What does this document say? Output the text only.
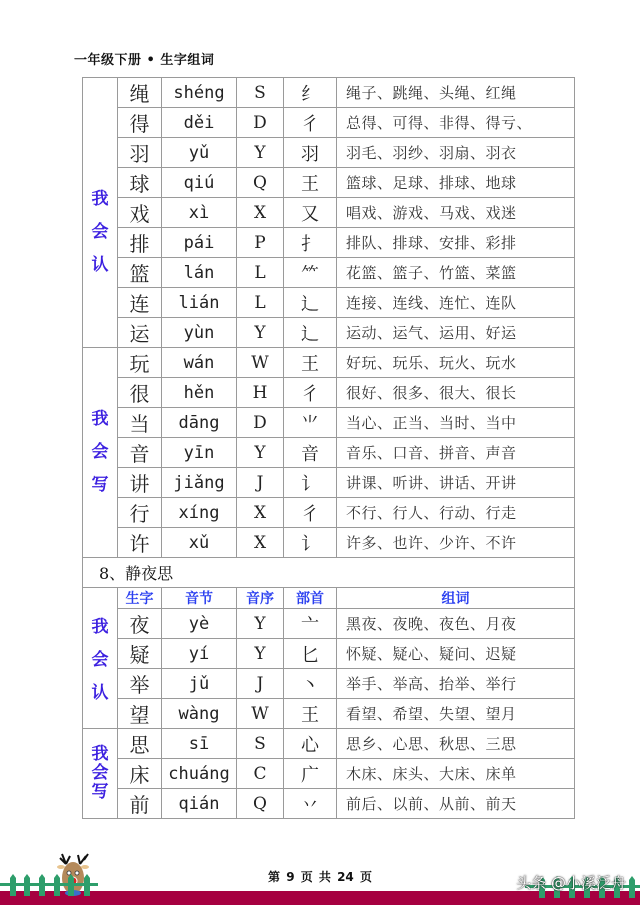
一年级下册 • 生字组词
我
会
认	绳	shéng	S	纟	绳子、跳绳、头绳、红绳
	得	děi	D	彳	总得、可得、非得、得亏、
	羽	yǔ	Y	羽	羽毛、羽纱、羽扇、羽衣
	球	qiú	Q	王	篮球、足球、排球、地球
	戏	xì	X	又	唱戏、游戏、马戏、戏迷
	排	pái	P	扌	排队、排球、安排、彩排
	篮	lán	L	⺮	花篮、篮子、竹篮、菜篮
	连	lián	L	辶	连接、连线、连忙、连队
	运	yùn	Y	辶	运动、运气、运用、好运

我
会
写	玩	wán	W	王	好玩、玩乐、玩火、玩水
	很	hěn	H	彳	很好、很多、很大、很长
	当	dāng	D	⺌	当心、正当、当时、当中
	音	yīn	Y	音	音乐、口音、拼音、声音
	讲	jiǎng	J	讠	讲课、听讲、讲话、开讲
	行	xíng	X	彳	不行、行人、行动、行走
	许	xǔ	X	讠	许多、也许、少许、不许
8、静夜思					

我
会
认	生字	音节	音序	部首	组词
	夜	yè	Y	亠	黑夜、夜晚、夜色、月夜
	疑	yí	Y	匕	怀疑、疑心、疑问、迟疑
	举	jǔ	J	丶	举手、举高、抬举、举行
	望	wàng	W	王	看望、希望、失望、望月

我
会
写	思	sī	S	心	思乡、心思、秋思、三思
	床	chuáng	C	广	木床、床头、大床、床单
	前	qián	Q	丷	前后、以前、从前、前天
第 9 页 共 24 页	头条 @小溪泛舟
